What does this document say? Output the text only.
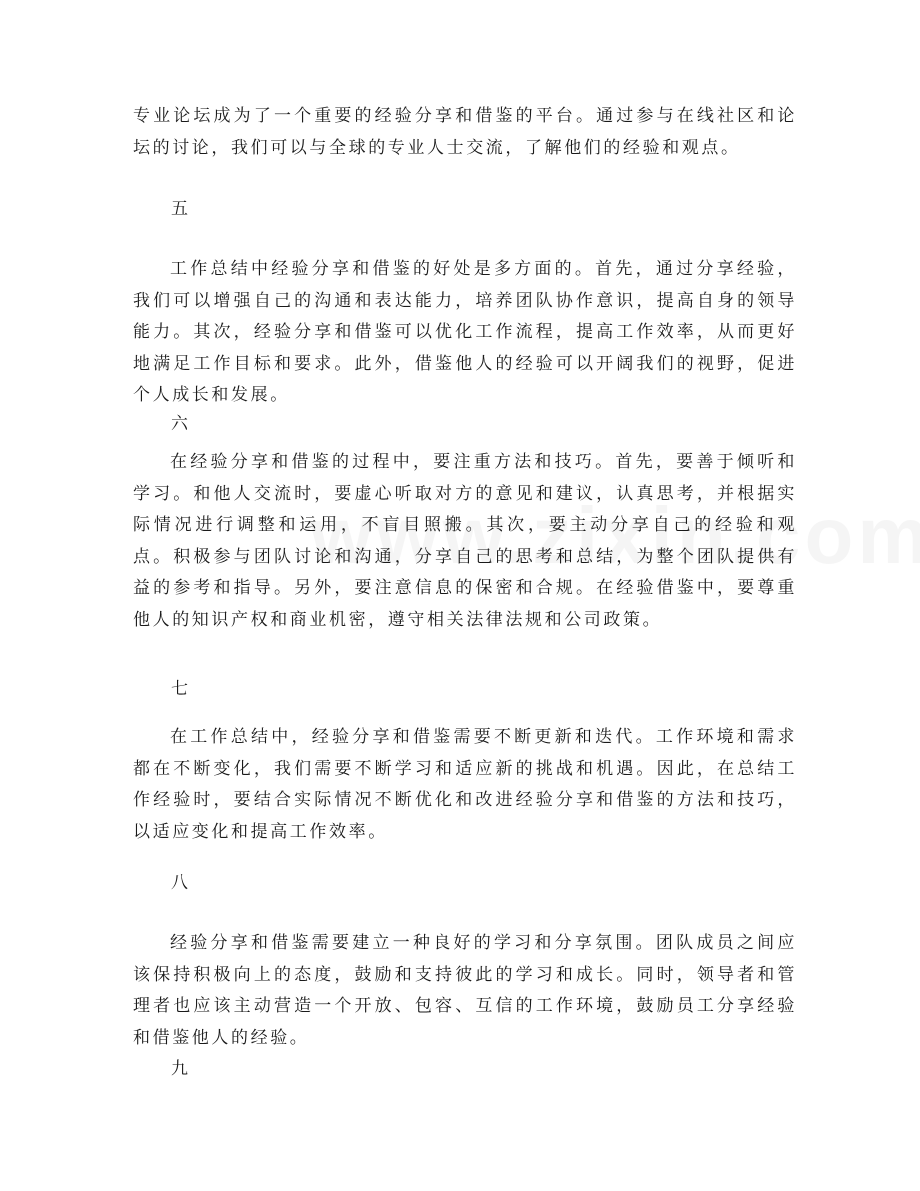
专业论坛成为了一个重要的经验分享和借鉴的平台。通过参与在线社区和论坛的讨论，我们可以与全球的专业人士交流，了解他们的经验和观点。

五

工作总结中经验分享和借鉴的好处是多方面的。首先，通过分享经验，我们可以增强自己的沟通和表达能力，培养团队协作意识，提高自身的领导能力。其次，经验分享和借鉴可以优化工作流程，提高工作效率，从而更好地满足工作目标和要求。此外，借鉴他人的经验可以开阔我们的视野，促进个人成长和发展。

六

在经验分享和借鉴的过程中，要注重方法和技巧。首先，要善于倾听和学习。和他人交流时，要虚心听取对方的意见和建议，认真思考，并根据实际情况进行调整和运用，不盲目照搬。其次，要主动分享自己的经验和观点。积极参与团队讨论和沟通，分享自己的思考和总结，为整个团队提供有益的参考和指导。另外，要注意信息的保密和合规。在经验借鉴中，要尊重他人的知识产权和商业机密，遵守相关法律法规和公司政策。

七

在工作总结中，经验分享和借鉴需要不断更新和迭代。工作环境和需求都在不断变化，我们需要不断学习和适应新的挑战和机遇。因此，在总结工作经验时，要结合实际情况不断优化和改进经验分享和借鉴的方法和技巧，以适应变化和提高工作效率。

八

经验分享和借鉴需要建立一种良好的学习和分享氛围。团队成员之间应该保持积极向上的态度，鼓励和支持彼此的学习和成长。同时，领导者和管理者也应该主动营造一个开放、包容、互信的工作环境，鼓励员工分享经验和借鉴他人的经验。

九
